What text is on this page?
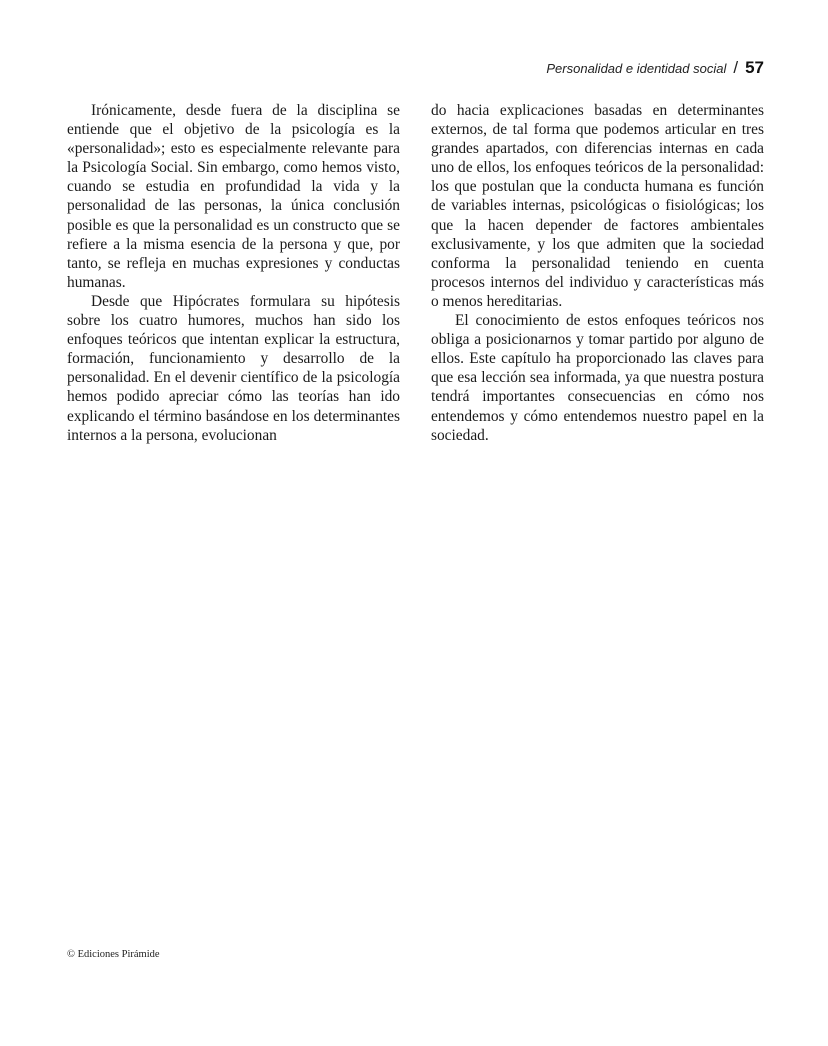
Personalidad e identidad social / 57

Irónicamente, desde fuera de la disciplina se entiende que el objetivo de la psicología es la «personalidad»; esto es especialmente relevante para la Psicología Social. Sin embargo, como hemos visto, cuando se estudia en profundidad la vida y la personalidad de las personas, la única conclusión posible es que la personalidad es un constructo que se refiere a la misma esencia de la persona y que, por tanto, se refleja en muchas expresiones y conductas humanas.

Desde que Hipócrates formulara su hipótesis sobre los cuatro humores, muchos han sido los enfoques teóricos que intentan explicar la estructura, formación, funcionamiento y desarrollo de la personalidad. En el devenir científico de la psicología hemos podido apreciar cómo las teorías han ido explicando el término basándose en los determinantes internos a la persona, evolucionan

do hacia explicaciones basadas en determinantes externos, de tal forma que podemos articular en tres grandes apartados, con diferencias internas en cada uno de ellos, los enfoques teóricos de la personalidad: los que postulan que la conducta humana es función de variables internas, psicológicas o fisiológicas; los que la hacen depender de factores ambientales exclusivamente, y los que admiten que la sociedad conforma la personalidad teniendo en cuenta procesos internos del individuo y características más o menos hereditarias.

El conocimiento de estos enfoques teóricos nos obliga a posicionarnos y tomar partido por alguno de ellos. Este capítulo ha proporcionado las claves para que esa lección sea informada, ya que nuestra postura tendrá importantes consecuencias en cómo nos entendemos y cómo entendemos nuestro papel en la sociedad.

© Ediciones Pirámide
